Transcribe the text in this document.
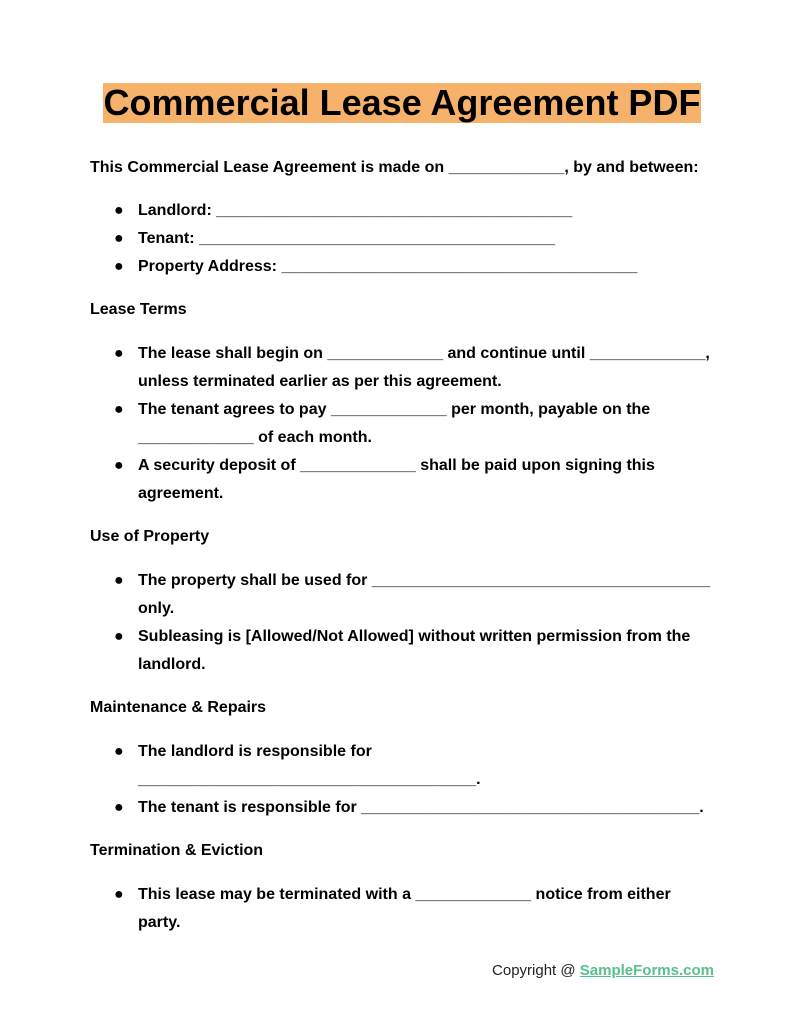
Commercial Lease Agreement PDF

This Commercial Lease Agreement is made on _____________, by and between:

● Landlord: ________________________________________
● Tenant: ________________________________________
● Property Address: ________________________________________
Lease Terms
● The lease shall begin on _____________ and continue until _____________, unless terminated earlier as per this agreement.
● The tenant agrees to pay _____________ per month, payable on the _____________ of each month.
● A security deposit of _____________ shall be paid upon signing this agreement.
Use of Property
● The property shall be used for ______________________________________ only.
● Subleasing is [Allowed/Not Allowed] without written permission from the landlord.
Maintenance & Repairs
● The landlord is responsible for ______________________________________.
● The tenant is responsible for ______________________________________.
Termination & Eviction
● This lease may be terminated with a _____________ notice from either party.
Copyright @ SampleForms.com
